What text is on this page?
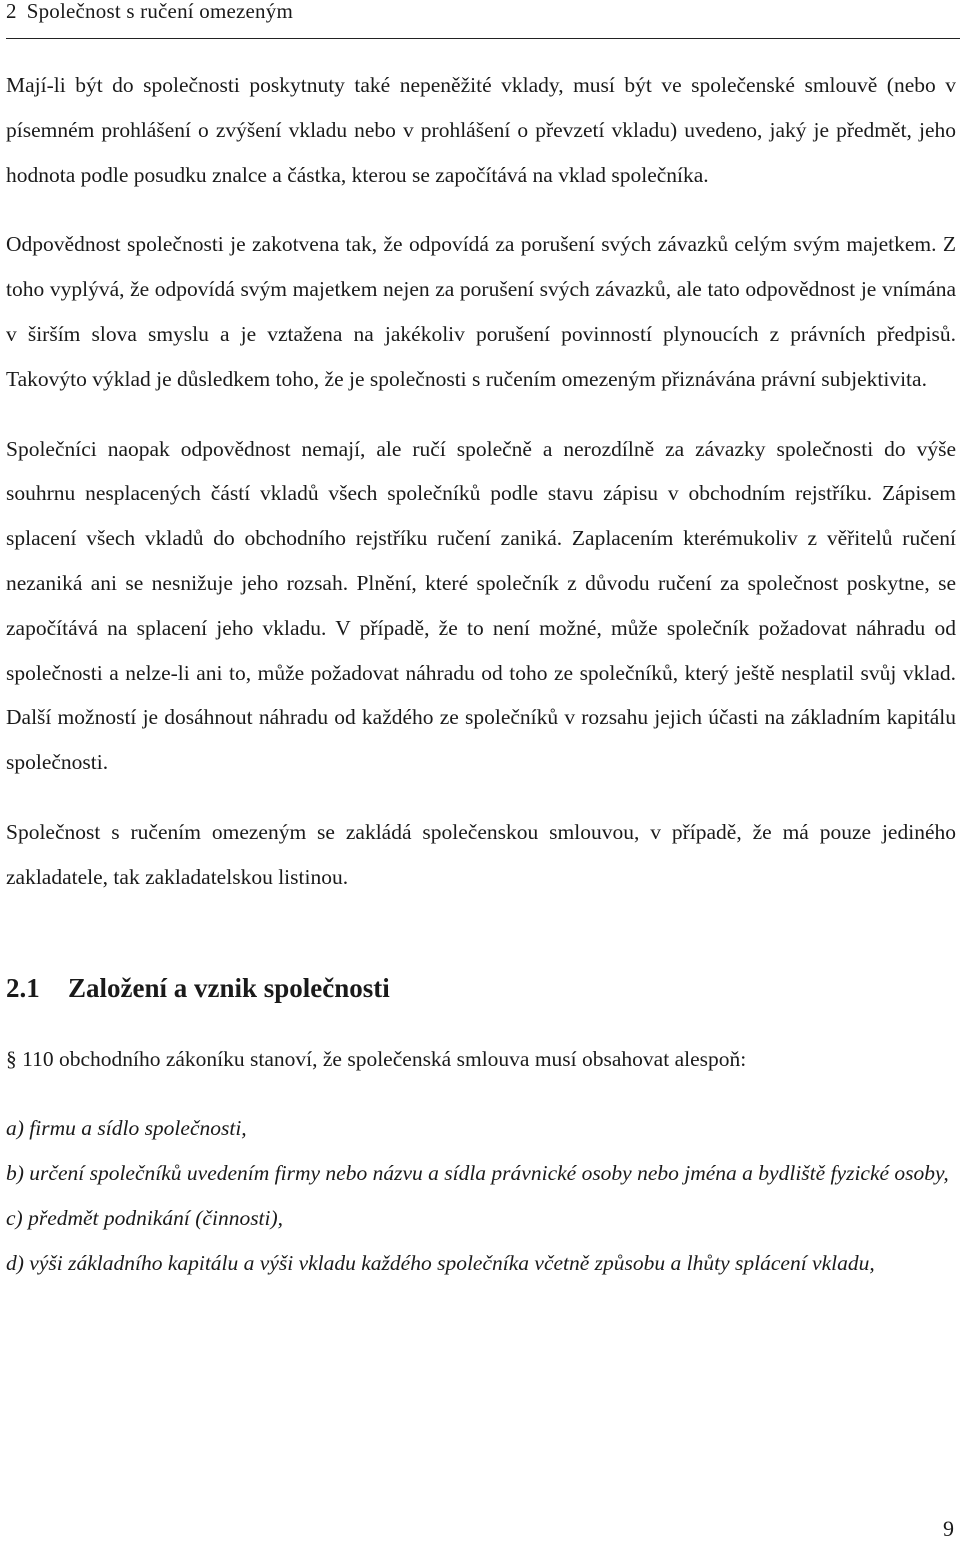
2 Společnost s ručení omezeným

Mají-li být do společnosti poskytnuty také nepeněžité vklady, musí být ve společenské smlouvě (nebo v písemném prohlášení o zvýšení vkladu nebo v prohlášení o převzetí vkladu) uvedeno, jaký je předmět, jeho hodnota podle posudku znalce a částka, kterou se započítává na vklad společníka.

Odpovědnost společnosti je zakotvena tak, že odpovídá za porušení svých závazků celým svým majetkem. Z toho vyplývá, že odpovídá svým majetkem nejen za porušení svých závazků, ale tato odpovědnost je vnímána v širším slova smyslu a je vztažena na jakékoliv porušení povinností plynoucích z právních předpisů. Takovýto výklad je důsledkem toho, že je společnosti s ručením omezeným přiznávána právní subjektivita.

Společníci naopak odpovědnost nemají, ale ručí společně a nerozdílně za závazky společnosti do výše souhrnu nesplacených částí vkladů všech společníků podle stavu zápisu v obchodním rejstříku. Zápisem splacení všech vkladů do obchodního rejstříku ručení zaniká. Zaplacením kterémukoliv z věřitelů ručení nezaniká ani se nesnižuje jeho rozsah. Plnění, které společník z důvodu ručení za společnost poskytne, se započítává na splacení jeho vkladu. V případě, že to není možné, může společník požadovat náhradu od společnosti a nelze-li ani to, může požadovat náhradu od toho ze společníků, který ještě nesplatil svůj vklad. Další možností je dosáhnout náhradu od každého ze společníků v rozsahu jejich účasti na základním kapitálu společnosti.

Společnost s ručením omezeným se zakládá společenskou smlouvou, v případě, že má pouze jediného zakladatele, tak zakladatelskou listinou.

2.1 Založení a vznik společnosti

§ 110 obchodního zákoníku stanoví, že společenská smlouva musí obsahovat alespoň:

a) firmu a sídlo společnosti,

b) určení společníků uvedením firmy nebo názvu a sídla právnické osoby nebo jména a bydliště fyzické osoby,

c) předmět podnikání (činnosti),

d) výši základního kapitálu a výši vkladu každého společníka včetně způsobu a lhůty splácení vkladu,

9
